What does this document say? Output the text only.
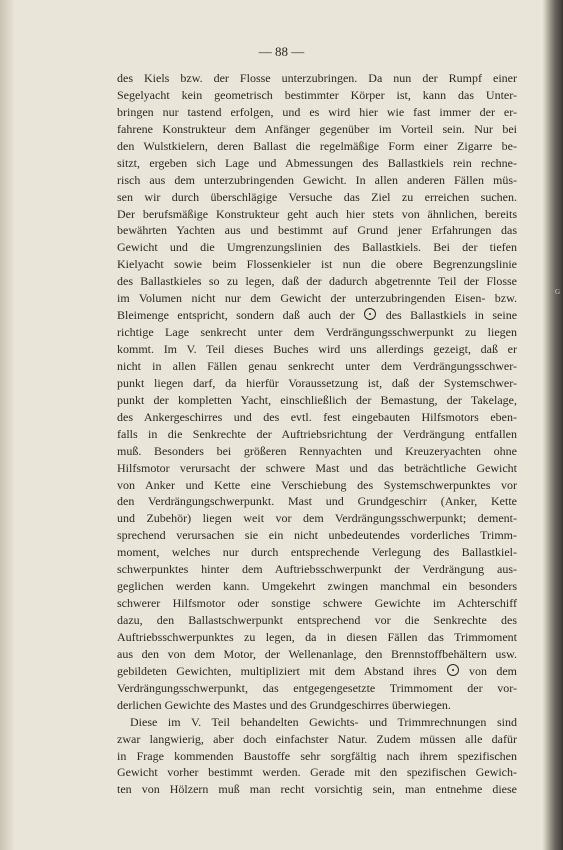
G
— 88 —
des Kiels bzw. der Flosse unterzubringen. Da nun der Rumpf einer
Segelyacht kein geometrisch bestimmter Körper ist, kann das Unter-
bringen nur tastend erfolgen, und es wird hier wie fast immer der er-
fahrene Konstrukteur dem Anfänger gegenüber im Vorteil sein. Nur bei
den Wulstkielern, deren Ballast die regelmäßige Form einer Zigarre be-
sitzt, ergeben sich Lage und Abmessungen des Ballastkiels rein rechne-
risch aus dem unterzubringenden Gewicht. In allen anderen Fällen müs-
sen wir durch überschlägige Versuche das Ziel zu erreichen suchen.
Der berufsmäßige Konstrukteur geht auch hier stets von ähnlichen, bereits
bewährten Yachten aus und bestimmt auf Grund jener Erfahrungen das
Gewicht und die Umgrenzungslinien des Ballastkiels. Bei der tiefen
Kielyacht sowie beim Flossenkieler ist nun die obere Begrenzungslinie
des Ballastkieles so zu legen, daß der dadurch abgetrennte Teil der Flosse
im Volumen nicht nur dem Gewicht der unterzubringenden Eisen- bzw.
Bleimenge entspricht, sondern daß auch der	des Ballastkiels in seine
richtige Lage senkrecht unter dem Verdrängungsschwerpunkt zu liegen
kommt. Im V. Teil dieses Buches wird uns allerdings gezeigt, daß er
nicht in allen Fällen genau senkrecht unter dem Verdrängungsschwer-
punkt liegen darf, da hierfür Voraussetzung ist, daß der Systemschwer-
punkt der kompletten Yacht, einschließlich der Bemastung, der Takelage,
des Ankergeschirres und des evtl. fest eingebauten Hilfsmotors eben-
falls in die Senkrechte der Auftriebsrichtung der Verdrängung entfallen
muß. Besonders bei größeren Rennyachten und Kreuzeryachten ohne
Hilfsmotor verursacht der schwere Mast und das beträchtliche Gewicht
von Anker und Kette eine Verschiebung des Systemschwerpunktes vor
den Verdrängungschwerpunkt. Mast und Grundgeschirr (Anker, Kette
und Zubehör) liegen weit vor dem Verdrängungsschwerpunkt; dement-
sprechend verursachen sie ein nicht unbedeutendes vorderliches Trimm-
moment, welches nur durch entsprechende Verlegung des Ballastkiel-
schwerpunktes hinter dem Auftriebsschwerpunkt der Verdrängung aus-
geglichen werden kann. Umgekehrt zwingen manchmal ein besonders
schwerer Hilfsmotor oder sonstige schwere Gewichte im Achterschiff
dazu, den Ballastschwerpunkt entsprechend vor die Senkrechte des
Auftriebsschwerpunktes zu legen, da in diesen Fällen das Trimmoment
aus den von dem Motor, der Wellenanlage, den Brennstoffbehältern usw.
gebildeten Gewichten, multipliziert mit dem Abstand ihres	von dem
Verdrängungsschwerpunkt, das entgegengesetzte Trimmoment der vor-
derlichen Gewichte des Mastes und des Grundgeschirres überwiegen.
Diese im V. Teil behandelten Gewichts- und Trimmrechnungen sind
zwar langwierig, aber doch einfachster Natur. Zudem müssen alle dafür
in Frage kommenden Baustoffe sehr sorgfältig nach ihrem spezifischen
Gewicht vorher bestimmt werden. Gerade mit den spezifischen Gewich-
ten von Hölzern muß man recht vorsichtig sein, man entnehme diese
